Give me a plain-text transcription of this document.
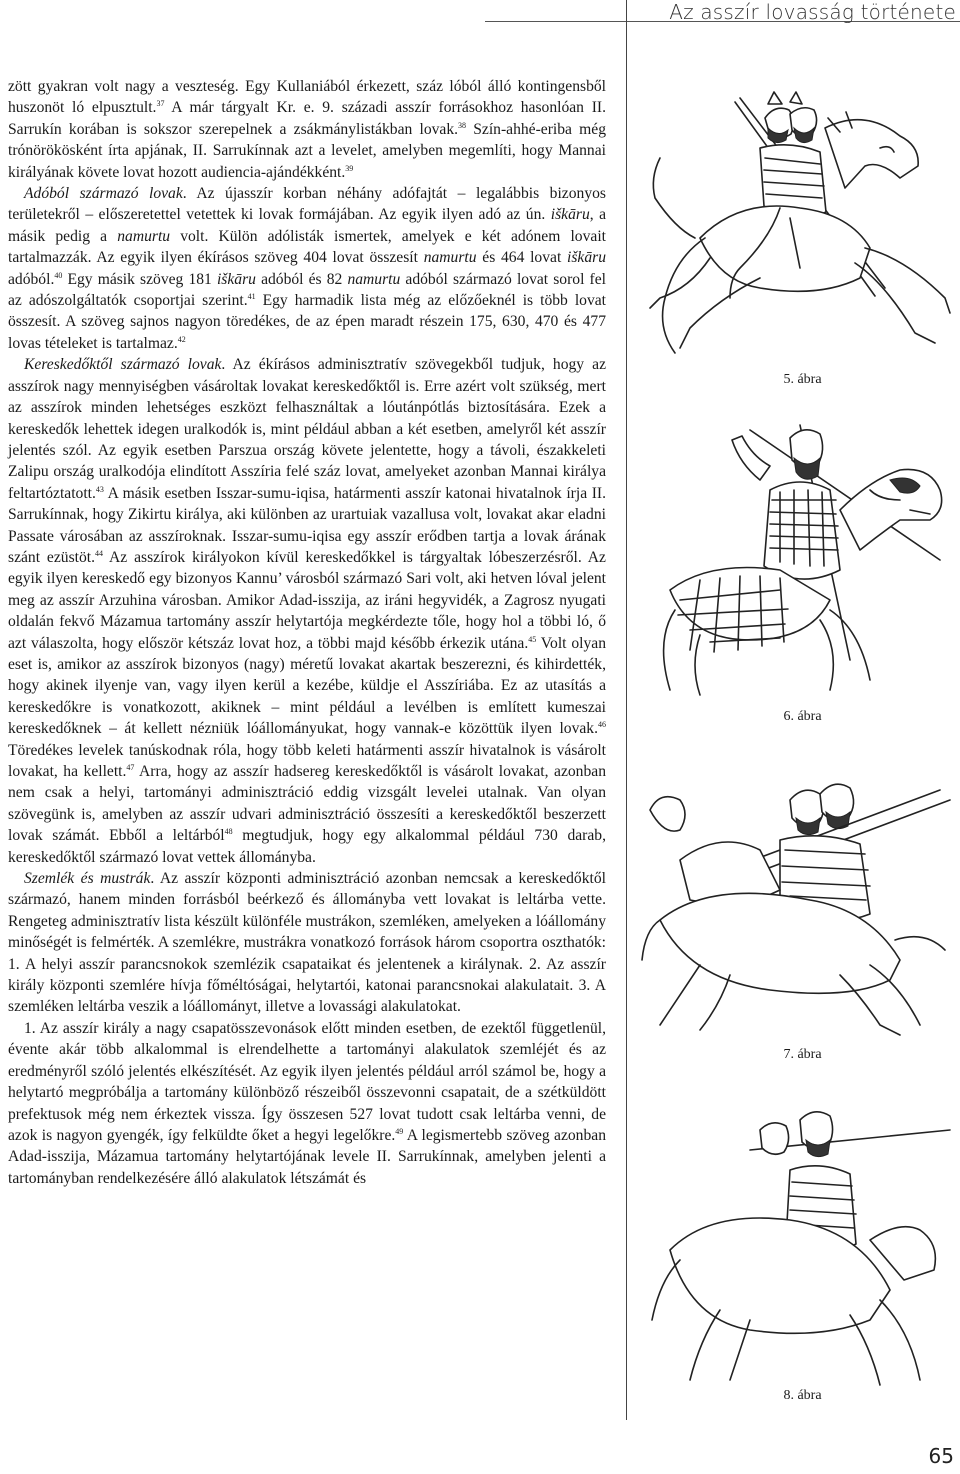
Az asszír lovasság története

zött gyakran volt nagy a veszteség. Egy Kullaniából érkezett, száz lóból álló kontingensből huszonöt ló elpusztult.$^{37}$ A már tárgyalt Kr. e. 9. századi asszír forrásokhoz hasonlóan II. Sarrukín korában is sokszor szerepelnek a zsákmánylistákban lovak.$^{38}$ Szín-ahhé-eriba még trónörökösként írta apjának, II. Sarrukínnak azt a levelet, amelyben megemlíti, hogy Mannai királyának követe lovat hozott audiencia-ajándékként.$^{39}$

Adóból származó lovak. Az újasszír korban néhány adófajtát – legalábbis bizonyos területekről – előszeretettel vetettek ki lovak formájában. Az egyik ilyen adó az ún. iškāru, a másik pedig a namurtu volt. Külön adólisták ismertek, amelyek e két adónem lovait tartalmazzák. Az egyik ilyen ékírásos szöveg 404 lovat összesít namurtu és 464 lovat iškāru adóból.$^{40}$ Egy másik szöveg 181 iškāru adóból és 82 namurtu adóból származó lovat sorol fel az adószolgáltatók csoportjai szerint.$^{41}$ Egy harmadik lista még az előzőeknél is több lovat összesít. A szöveg sajnos nagyon töredékes, de az épen maradt részein 175, 630, 470 és 477 lovas tételeket is tartalmaz.$^{42}$

Kereskedőktől származó lovak. Az ékírásos adminisztratív szövegekből tudjuk, hogy az asszírok nagy mennyiségben vásároltak lovakat kereskedőktől is. Erre azért volt szükség, mert az asszírok minden lehetséges eszközt felhasználtak a lóutánpótlás biztosítására. Ezek a kereskedők lehettek idegen uralkodók is, mint például abban a két esetben, amelyről két asszír jelentés szól. Az egyik esetben Parszua ország követe jelentette, hogy a távoli, északkeleti Zalipu ország uralkodója elindított Asszíria felé száz lovat, amelyeket azonban Mannai királya feltartóztatott.$^{43}$ A másik esetben Isszar-sumu-iqisa, határmenti asszír katonai hivatalnok írja II. Sarrukínnak, hogy Zikirtu királya, aki különben az urartuiak vazallusa volt, lovakat akar eladni Passate városában az asszíroknak. Isszar-sumu-iqisa egy asszír erődben tartja a lovak árának szánt ezüstöt.$^{44}$ Az asszírok királyokon kívül kereskedőkkel is tárgyaltak lóbeszerzésről. Az egyik ilyen kereskedő egy bizonyos Kannu’ városból származó Sari volt, aki hetven lóval jelent meg az asszír Arzuhina városban. Amikor Adad-isszija, az iráni hegyvidék, a Zagrosz nyugati oldalán fekvő Mázamua tartomány asszír helytartója megkérdezte tőle, hogy hol a többi ló, ő azt válaszolta, hogy először kétszáz lovat hoz, a többi majd később érkezik utána.$^{45}$ Volt olyan eset is, amikor az asszírok bizonyos (nagy) méretű lovakat akartak beszerezni, és kihirdették, hogy akinek ilyenje van, vagy ilyen kerül a kezébe, küldje el Asszíriába. Ez az utasítás a kereskedőkre is vonatkozott, akiknek – mint például a levélben is említett kumeszai kereskedőknek – át kellett nézniük lóállományukat, hogy vannak-e közöttük ilyen lovak.$^{46}$ Töredékes levelek tanúskodnak róla, hogy több keleti határmenti asszír hivatalnok is vásárolt lovakat, ha kellett.$^{47}$ Arra, hogy az asszír hadsereg kereskedőktől is vásárolt lovakat, azonban nem csak a helyi, tartományi adminisztráció eddig vizsgált levelei utalnak. Van olyan szövegünk is, amelyben az asszír udvari adminisztráció összesíti a kereskedőktől beszerzett lovak számát. Ebből a leltárból$^{48}$ megtudjuk, hogy egy alkalommal például 730 darab, kereskedőktől származó lovat vettek állományba.

Szemlék és mustrák. Az asszír központi adminisztráció azonban nemcsak a kereskedőktől származó, hanem minden forrásból beérkező és állományba vett lovakat is leltárba vette. Rengeteg adminisztratív lista készült különféle mustrákon, szemléken, amelyeken a lóállomány minőségét is felmérték. A szemlékre, mustrákra vonatkozó források három csoportra oszthatók: 1. A helyi asszír parancsnokok szemlézik csapataikat és jelentenek a királynak. 2. Az asszír király központi szemlére hívja főméltóságai, helytartói, katonai parancsnokai alakulatait. 3. A szemléken leltárba veszik a lóállományt, illetve a lovassági alakulatokat.

1. Az asszír király a nagy csapatösszevonások előtt minden esetben, de ezektől függetlenül, évente akár több alkalommal is elrendelhette a tartományi alakulatok szemléjét és az eredményről szóló jelentés elkészítését. Az egyik ilyen jelentés például arról számol be, hogy a helytartó megpróbálja a tartomány különböző részeiből összevonni csapatait, de a szétküldött prefektusok még nem érkeztek vissza. Így összesen 527 lovat tudott csak leltárba venni, de azok is nagyon gyengék, így felküldte őket a hegyi legelőkre.$^{49}$ A legismertebb szöveg azonban Adad-isszija, Mázamua tartomány helytartójának levele II. Sarrukínnak, amelyben jelenti a tartományban rendelkezésére álló alakulatok létszámát és

5. ábra
6. ábra
7. ábra
8. ábra
65
